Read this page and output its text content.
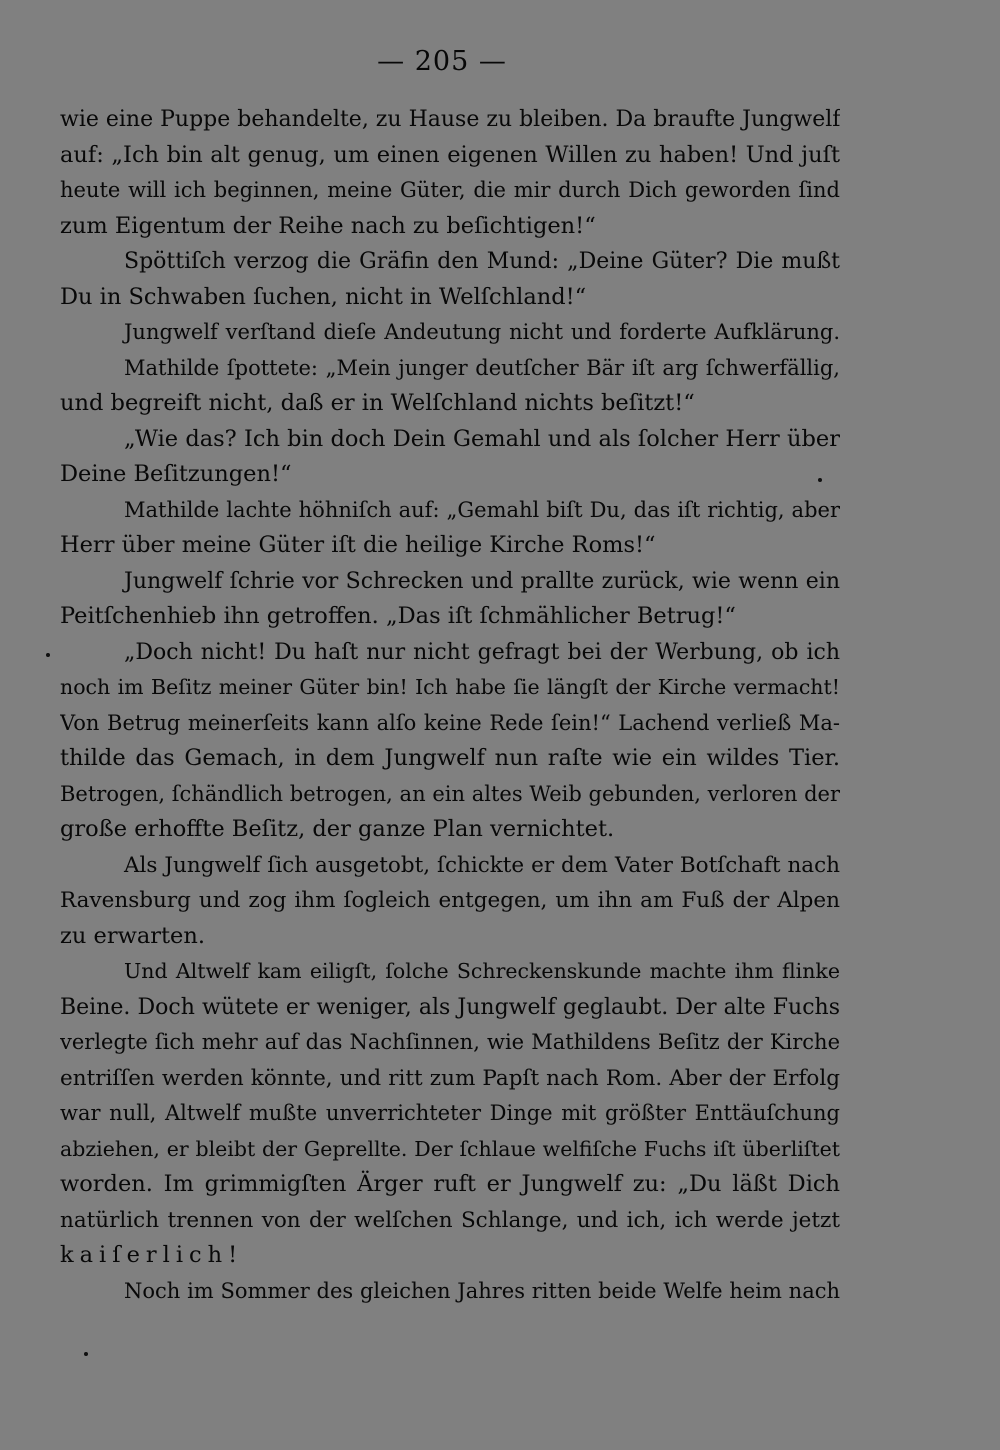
— 205 —
wie eine Puppe behandelte, zu Hause zu bleiben. Da braufte Jungwelf
auf: „Ich bin alt genug, um einen eigenen Willen zu haben! Und juſt
heute will ich beginnen, meine Güter, die mir durch Dich geworden ſind
zum Eigentum der Reihe nach zu beſichtigen!“
Spöttiſch verzog die Gräfin den Mund: „Deine Güter? Die mußt
Du in Schwaben ſuchen, nicht in Welſchland!“
Jungwelf verſtand dieſe Andeutung nicht und forderte Aufklärung.
Mathilde ſpottete: „Mein junger deutſcher Bär iſt arg ſchwerfällig,
und begreift nicht, daß er in Welſchland nichts beſitzt!“
„Wie das? Ich bin doch Dein Gemahl und als ſolcher Herr über
Deine Beſitzungen!“
Mathilde lachte höhniſch auf: „Gemahl biſt Du, das iſt richtig, aber
Herr über meine Güter iſt die heilige Kirche Roms!“
Jungwelf ſchrie vor Schrecken und prallte zurück, wie wenn ein
Peitſchenhieb ihn getroffen. „Das iſt ſchmählicher Betrug!“
„Doch nicht! Du haſt nur nicht gefragt bei der Werbung, ob ich
noch im Beſitz meiner Güter bin! Ich habe ſie längſt der Kirche vermacht!
Von Betrug meinerſeits kann alſo keine Rede ſein!“ Lachend verließ Ma-
thilde das Gemach, in dem Jungwelf nun raſte wie ein wildes Tier.
Betrogen, ſchändlich betrogen, an ein altes Weib gebunden, verloren der
große erhoffte Beſitz, der ganze Plan vernichtet.
Als Jungwelf ſich ausgetobt, ſchickte er dem Vater Botſchaft nach
Ravensburg und zog ihm ſogleich entgegen, um ihn am Fuß der Alpen
zu erwarten.
Und Altwelf kam eiligſt, ſolche Schreckenskunde machte ihm flinke
Beine. Doch wütete er weniger, als Jungwelf geglaubt. Der alte Fuchs
verlegte ſich mehr auf das Nachſinnen, wie Mathildens Beſitz der Kirche
entriſſen werden könnte, und ritt zum Papſt nach Rom. Aber der Erfolg
war null, Altwelf mußte unverrichteter Dinge mit größter Enttäuſchung
abziehen, er bleibt der Geprellte. Der ſchlaue welfiſche Fuchs iſt überliſtet
worden. Im grimmigſten Ärger ruft er Jungwelf zu: „Du läßt Dich
natürlich trennen von der welſchen Schlange, und ich, ich werde jetzt
kaiſerlich!
Noch im Sommer des gleichen Jahres ritten beide Welfe heim nach
